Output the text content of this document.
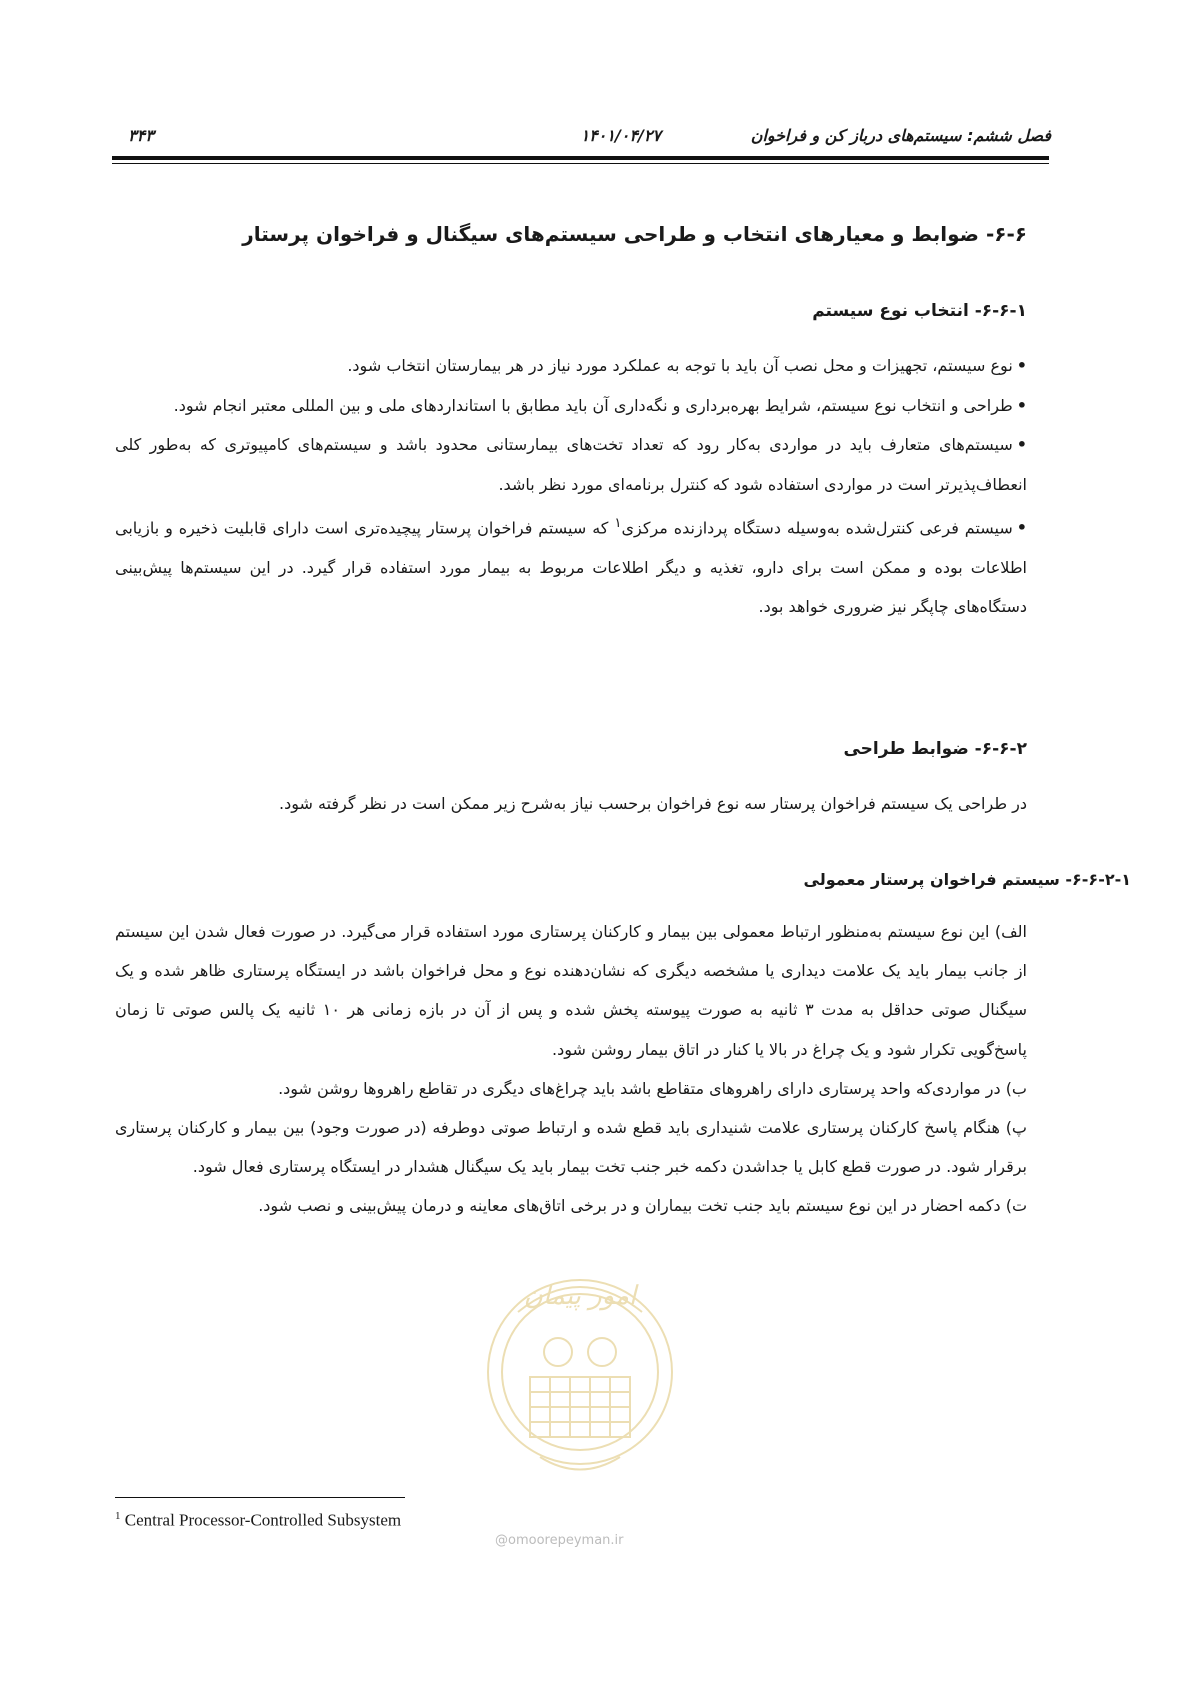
فصل ششم: سیستم‌های درباز کن و فراخوان
۱۴۰۱/۰۴/۲۷
۳۴۳
۶-۶- ضوابط و معیارهای انتخاب و طراحی سیستم‌های سیگنال و فراخوان پرستار
۶-۶-۱- انتخاب نوع سیستم

•نوع سیستم، تجهیزات و محل نصب آن باید با توجه به عملکرد مورد نیاز در هر بیمارستان انتخاب شود.

•طراحی و انتخاب نوع سیستم، شرایط بهره‌برداری و نگه‌داری آن باید مطابق با استانداردهای ملی و بین المللی معتبر انجام شود.

•سیستم‌های متعارف باید در مواردی به‌کار رود که تعداد تخت‌های بیمارستانی محدود باشد و سیستم‌های کامپیوتری که به‌طور کلی انعطاف‌پذیرتر است در مواردی استفاده شود که کنترل برنامه‌ای مورد نظر باشد.

•سیستم فرعی کنترل‌شده به‌وسیله دستگاه پردازنده مرکزی$^۱$ که سیستم فراخوان پرستار پیچیده‌تری است دارای قابلیت ذخیره و بازیابی اطلاعات بوده و ممکن است برای دارو، تغذیه و دیگر اطلاعات مربوط به بیمار مورد استفاده قرار گیرد. در این سیستم‌ها پیش‌بینی دستگاه‌های چاپگر نیز ضروری خواهد بود.

۶-۶-۲- ضوابط طراحی
در طراحی یک سیستم فراخوان پرستار سه نوع فراخوان برحسب نیاز به‌شرح زیر ممکن است در نظر گرفته شود.
۶-۶-۲-۱- سیستم فراخوان پرستار معمولی

الف) این نوع سیستم به‌منظور ارتباط معمولی بین بیمار و کارکنان پرستاری مورد استفاده قرار می‌گیرد. در صورت فعال شدن این سیستم از جانب بیمار باید یک علامت دیداری یا مشخصه دیگری که نشان‌دهنده نوع و محل فراخوان باشد در ایستگاه پرستاری ظاهر شده و یک سیگنال صوتی حداقل به مدت ۳ ثانیه به صورت پیوسته پخش شده و پس از آن در بازه زمانی هر ۱۰ ثانیه یک پالس صوتی تا زمان پاسخ‌گویی تکرار شود و یک چراغ در بالا یا کنار در اتاق بیمار روشن شود.

ب) در مواردی‌که واحد پرستاری دارای راهروهای متقاطع باشد باید چراغ‌های دیگری در تقاطع راهروها روشن شود.

پ) هنگام پاسخ کارکنان پرستاری علامت شنیداری باید قطع شده و ارتباط صوتی دوطرفه (در صورت وجود) بین بیمار و کارکنان پرستاری برقرار شود. در صورت قطع کابل یا جداشدن دکمه خبر جنب تخت بیمار باید یک سیگنال هشدار در ایستگاه پرستاری فعال شود.

ت) دکمه احضار در این نوع سیستم باید جنب تخت بیماران و در برخی اتاق‌های معاینه و درمان پیش‌بینی و نصب شود.

امور پیمان
@omoorepeyman.ir
$^1$ Central Processor-Controlled Subsystem
